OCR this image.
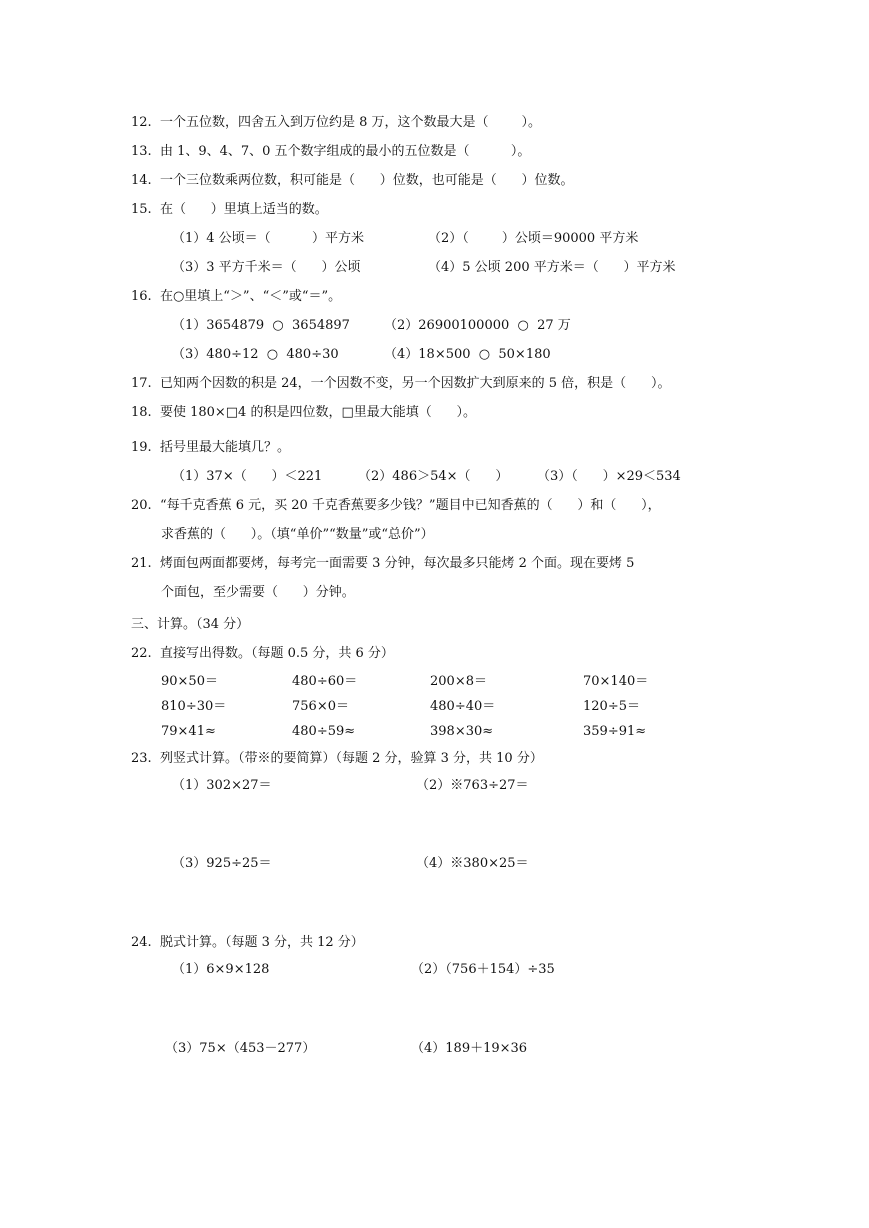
12.  一个五位数，四舍五入到万位约是 8 万，这个数最大是（        ）。
13.  由 1、9、4、7、0 五个数字组成的最小的五位数是（          ）。
14.  一个三位数乘两位数，积可能是（      ）位数，也可能是（      ）位数。
15.  在（      ）里填上适当的数。
（1）4 公顷＝（          ）平方米	（2）（        ）公顷＝90000 平方米
（3）3 平方千米＝（      ）公顷	（4）5 公顷 200 平方米＝（      ）平方米
16.  在○里填上“＞”、“＜”或“＝”。
（1）3654879  ○  3654897	（2）26900100000  ○  27 万
（3）480÷12  ○  480÷30	（4）18×500  ○  50×180
17.  已知两个因数的积是 24，一个因数不变，另一个因数扩大到原来的 5 倍，积是（      ）。
18.  要使 180×□4 的积是四位数，□里最大能填（      ）。
19.  括号里最大能填几？。
（1）37×（      ）＜221	（2）486＞54×（      ） （3）（      ）×29＜534
20.  “每千克香蕉 6 元，买 20 千克香蕉要多少钱？”题目中已知香蕉的（      ）和（      ），
求香蕉的（      ）。（填“单价”“数量”或“总价”）
21.  烤面包两面都要烤，每考完一面需要 3 分钟，每次最多只能烤 2 个面。现在要烤 5
个面包，至少需要（      ）分钟。
三、计算。（34 分）
22.  直接写出得数。（每题 0.5 分，共 6 分）
90×50＝	480÷60＝	200×8＝	70×140＝
810÷30＝	756×0＝	480÷40＝	120÷5＝
79×41≈	480÷59≈	398×30≈	359÷91≈
23.  列竖式计算。（带※的要简算）（每题 2 分，验算 3 分，共 10 分）
（1）302×27＝	（2）※763÷27＝
（3）925÷25＝	（4）※380×25＝
24.  脱式计算。（每题 3 分，共 12 分）
（1）6×9×128	（2）（756＋154）÷35
（3）75×（453－277）	（4）189＋19×36
